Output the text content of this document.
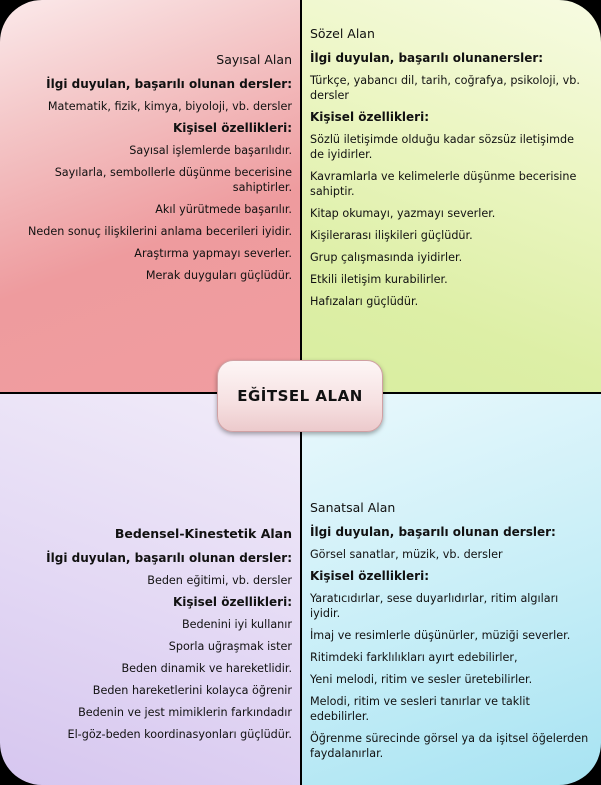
Sayısal Alan
İlgi duyulan, başarılı olunan dersler:
Matematik, fizik, kimya, biyoloji, vb. dersler
Kişisel özellikleri:
Sayısal işlemlerde başarılıdır.
Sayılarla, sembollerle düşünme becerisine sahiptirler.
Akıl yürütmede başarılır.
Neden sonuç ilişkilerini anlama becerileri iyidir.
Araştırma yapmayı severler.
Merak duyguları güçlüdür.
Sözel Alan
İlgi duyulan, başarılı olunanersler:
Türkçe, yabancı dil, tarih, coğrafya, psikoloji, vb. dersler
Kişisel özellikleri:
Sözlü iletişimde olduğu kadar sözsüz iletişimde de iyidirler.
Kavramlarla ve kelimelerle düşünme becerisine sahiptir.
Kitap okumayı, yazmayı severler.
Kişilerarası ilişkileri güçlüdür.
Grup çalışmasında iyidirler.
Etkili iletişim kurabilirler.
Hafızaları güçlüdür.
Bedensel-Kinestetik Alan
İlgi duyulan, başarılı olunan dersler:
Beden eğitimi, vb. dersler
Kişisel özellikleri:
Bedenini iyi kullanır
Sporla uğraşmak ister
Beden dinamik ve hareketlidir.
Beden hareketlerini kolayca öğrenir
Bedenin ve jest mimiklerin farkındadır
El-göz-beden koordinasyonları güçlüdür.
Sanatsal Alan
İlgi duyulan, başarılı olunan dersler:
Görsel sanatlar, müzik, vb. dersler
Kişisel özellikleri:
Yaratıcıdırlar, sese duyarlıdırlar, ritim algıları iyidir.
İmaj ve resimlerle düşünürler, müziği severler.
Ritimdeki farklılıkları ayırt edebilirler,
Yeni melodi, ritim ve sesler üretebilirler.
Melodi, ritim ve sesleri tanırlar ve taklit edebilirler.
Öğrenme sürecinde görsel ya da işitsel öğelerden faydalanırlar.
EĞİTSEL ALAN
